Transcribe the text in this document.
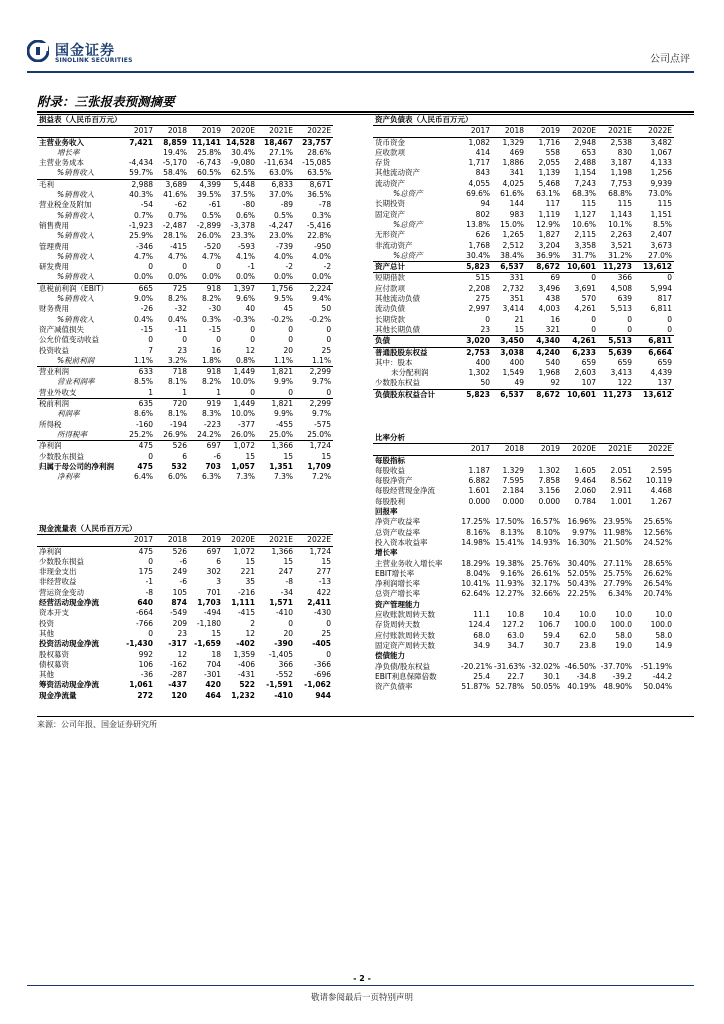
国金证券
SINOLINK SECURITIES	公司点评
附录：三张报表预测摘要
损益表（人民币百万元）						
	2017	2018	2019	2020E	2021E	2022E
主营业务收入	7,421	8,859	11,141	14,528	18,467	23,757
增长率		19.4%	25.8%	30.4%	27.1%	28.6%
主营业务成本	-4,434	-5,170	-6,743	-9,080	-11,634	-15,085
%销售收入	59.7%	58.4%	60.5%	62.5%	63.0%	63.5%
毛利	2,988	3,689	4,399	5,448	6,833	8,671
%销售收入	40.3%	41.6%	39.5%	37.5%	37.0%	36.5%
营业税金及附加	-54	-62	-61	-80	-89	-78
%销售收入	0.7%	0.7%	0.5%	0.6%	0.5%	0.3%
销售费用	-1,923	-2,487	-2,899	-3,378	-4,247	-5,416
%销售收入	25.9%	28.1%	26.0%	23.3%	23.0%	22.8%
管理费用	-346	-415	-520	-593	-739	-950
%销售收入	4.7%	4.7%	4.7%	4.1%	4.0%	4.0%
研发费用	0	0	0	-1	-2	-2
%销售收入	0.0%	0.0%	0.0%	0.0%	0.0%	0.0%
息税前利润（EBIT）	665	725	918	1,397	1,756	2,224
%销售收入	9.0%	8.2%	8.2%	9.6%	9.5%	9.4%
财务费用	-26	-32	-30	40	45	50
%销售收入	0.4%	0.4%	0.3%	-0.3%	-0.2%	-0.2%
资产减值损失	-15	-11	-15	0	0	0
公允价值变动收益	0	0	0	0	0	0
投资收益	7	23	16	12	20	25
%税前利润	1.1%	3.2%	1.8%	0.8%	1.1%	1.1%
营业利润	633	718	918	1,449	1,821	2,299
营业利润率	8.5%	8.1%	8.2%	10.0%	9.9%	9.7%
营业外收支	1	1	1	0	0	0
税前利润	635	720	919	1,449	1,821	2,299
利润率	8.6%	8.1%	8.3%	10.0%	9.9%	9.7%
所得税	-160	-194	-223	-377	-455	-575
所得税率	25.2%	26.9%	24.2%	26.0%	25.0%	25.0%
净利润	475	526	697	1,072	1,366	1,724
少数股东损益	0	6	-6	15	15	15
归属于母公司的净利润	475	532	703	1,057	1,351	1,709
净利率	6.4%	6.0%	6.3%	7.3%	7.3%	7.2%
现金流量表（人民币百万元）						
	2017	2018	2019	2020E	2021E	2022E
净利润	475	526	697	1,072	1,366	1,724
少数股东损益	0	-6	6	15	15	15
非现金支出	175	249	302	221	247	277
非经营收益	-1	-6	3	35	-8	-13
营运资金变动	-8	105	701	-216	-34	422
经营活动现金净流	640	874	1,703	1,111	1,571	2,411
资本开支	-664	-549	-494	-415	-410	-430
投资	-766	209	-1,180	2	0	0
其他	0	23	15	12	20	25
投资活动现金净流	-1,430	-317	-1,659	-402	-390	-405
股权募资	992	12	18	1,359	-1,405	0
债权募资	106	-162	704	-406	366	-366
其他	-36	-287	-301	-431	-552	-696
筹资活动现金净流	1,061	-437	420	522	-1,591	-1,062
现金净流量	272	120	464	1,232	-410	944
资产负债表（人民币百万元）						
	2017	2018	2019	2020E	2021E	2022E
货币资金	1,082	1,329	1,716	2,948	2,538	3,482
应收款项	414	469	558	653	830	1,067
存货	1,717	1,886	2,055	2,488	3,187	4,133
其他流动资产	843	341	1,139	1,154	1,198	1,256
流动资产	4,055	4,025	5,468	7,243	7,753	9,939
%总资产	69.6%	61.6%	63.1%	68.3%	68.8%	73.0%
长期投资	94	144	117	115	115	115
固定资产	802	983	1,119	1,127	1,143	1,151
%总资产	13.8%	15.0%	12.9%	10.6%	10.1%	8.5%
无形资产	626	1,265	1,827	2,115	2,263	2,407
非流动资产	1,768	2,512	3,204	3,358	3,521	3,673
%总资产	30.4%	38.4%	36.9%	31.7%	31.2%	27.0%
资产总计	5,823	6,537	8,672	10,601	11,273	13,612
短期借款	515	331	69	0	366	0
应付款项	2,208	2,732	3,496	3,691	4,508	5,994
其他流动负债	275	351	438	570	639	817
流动负债	2,997	3,414	4,003	4,261	5,513	6,811
长期贷款	0	21	16	0	0	0
其他长期负债	23	15	321	0	0	0
负债	3,020	3,450	4,340	4,261	5,513	6,811
普通股股东权益	2,753	3,038	4,240	6,233	5,639	6,664
其中：股本	400	400	540	659	659	659
未分配利润	1,302	1,549	1,968	2,603	3,413	4,439
少数股东权益	50	49	92	107	122	137
负债股东权益合计	5,823	6,537	8,672	10,601	11,273	13,612
比率分析						
	2017	2018	2019	2020E	2021E	2022E
每股指标						
每股收益	1.187	1.329	1.302	1.605	2.051	2.595
每股净资产	6.882	7.595	7.858	9.464	8.562	10.119
每股经营现金净流	1.601	2.184	3.156	2.060	2.911	4.468
每股股利	0.000	0.000	0.000	0.784	1.001	1.267
回报率						
净资产收益率	17.25%	17.50%	16.57%	16.96%	23.95%	25.65%
总资产收益率	8.16%	8.13%	8.10%	9.97%	11.98%	12.56%
投入资本收益率	14.98%	15.41%	14.93%	16.30%	21.50%	24.52%
增长率						
主营业务收入增长率	18.29%	19.38%	25.76%	30.40%	27.11%	28.65%
EBIT增长率	8.04%	9.16%	26.61%	52.05%	25.75%	26.62%
净利润增长率	10.41%	11.93%	32.17%	50.43%	27.79%	26.54%
总资产增长率	62.64%	12.27%	32.66%	22.25%	6.34%	20.74%
资产管理能力						
应收账款周转天数	11.1	10.8	10.4	10.0	10.0	10.0
存货周转天数	124.4	127.2	106.7	100.0	100.0	100.0
应付账款周转天数	68.0	63.0	59.4	62.0	58.0	58.0
固定资产周转天数	34.9	34.7	30.7	23.8	19.0	14.9
偿债能力						
净负债/股东权益	-20.21%	-31.63%	-32.02%	-46.50%	-37.70%	-51.19%
EBIT利息保障倍数	25.4	22.7	30.1	-34.8	-39.2	-44.2
资产负债率	51.87%	52.78%	50.05%	40.19%	48.90%	50.04%
来源：公司年报、国金证券研究所
- 2 -
敬请参阅最后一页特别声明
